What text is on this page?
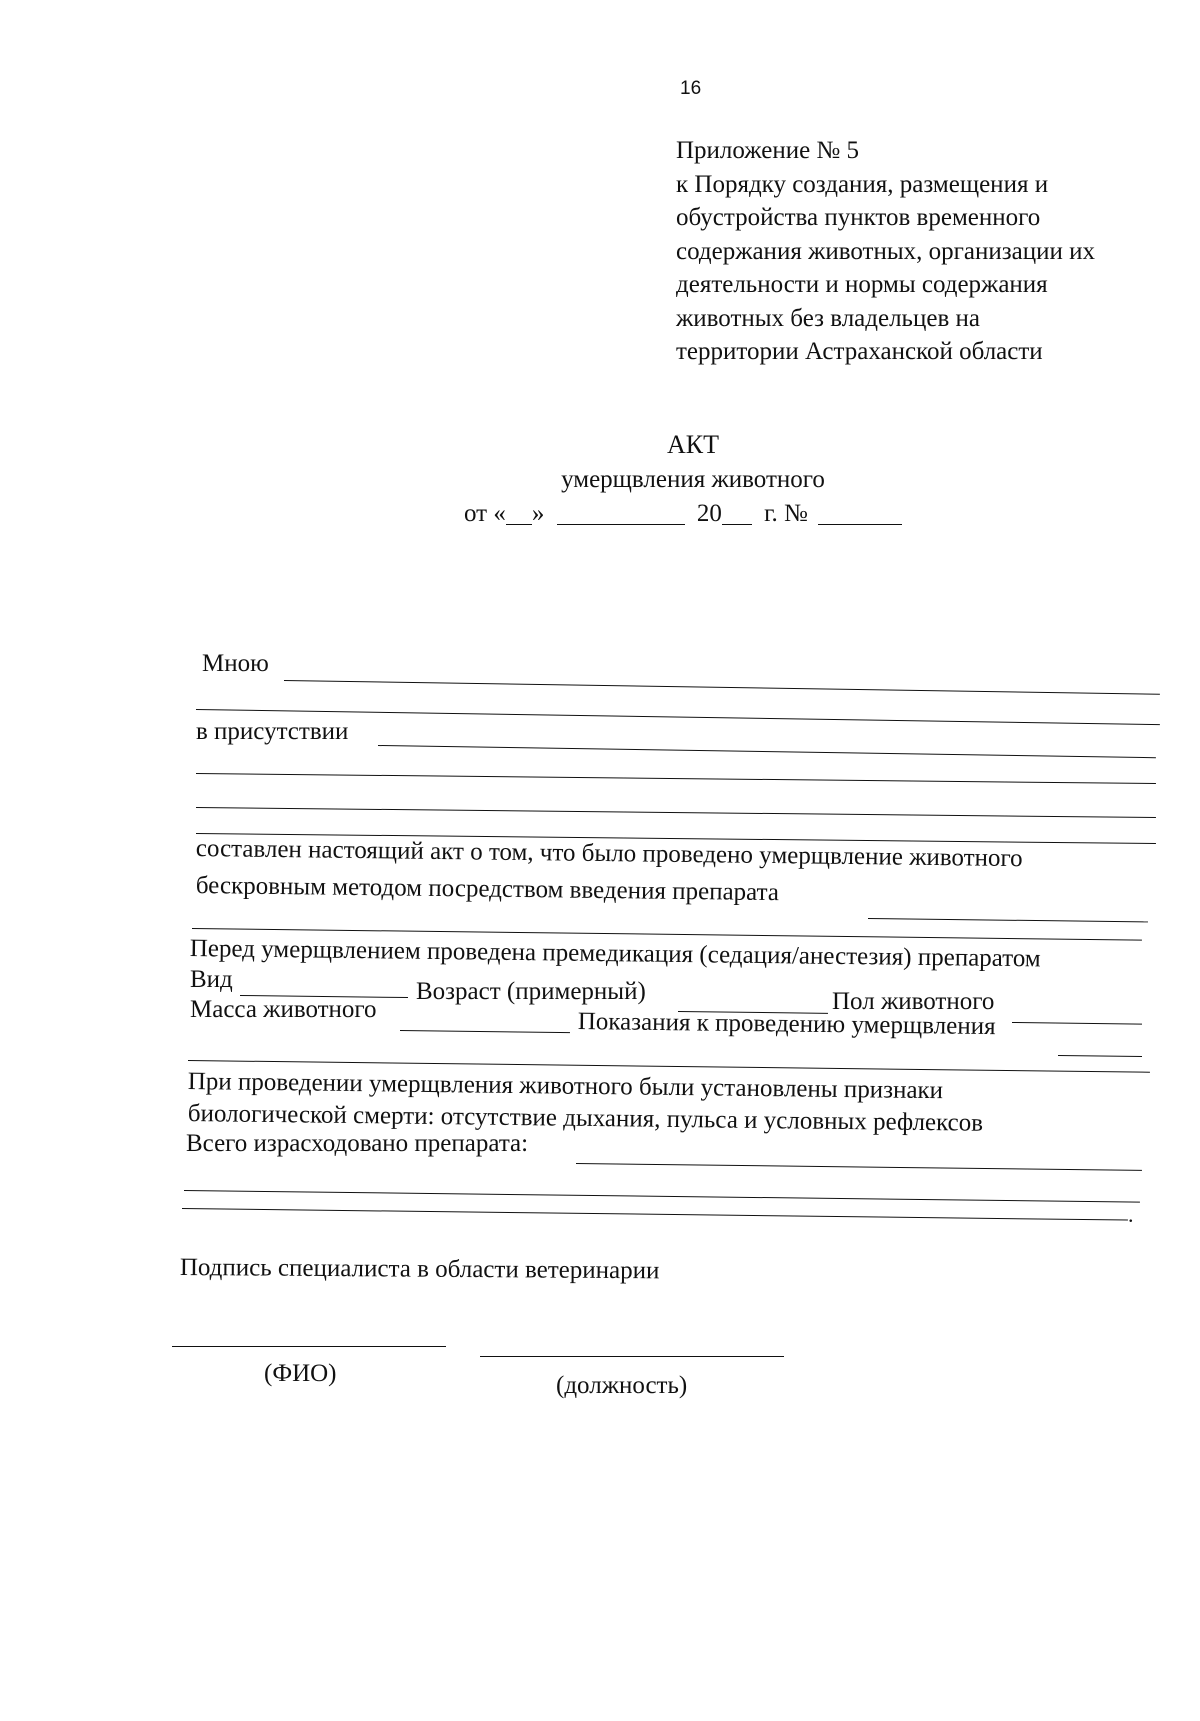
16
Приложение № 5
к Порядку создания, размещения и
обустройства пунктов временного
содержания животных, организации их
деятельности и нормы содержания
животных без владельцев на
территории Астраханской области
АКТ
умерщвления животного
от « »	20 г. №
Мною
в присутствии
составлен настоящий акт о том, что было проведено умерщвление животного
бескровным методом посредством введения препарата
Перед умерщвлением проведена премедикация (седация/анестезия) препаратом
Вид	Возраст (примерный)	Пол животного
Масса животного	Показания к проведению умерщвления
При проведении умерщвления животного были установлены признаки
биологической смерти: отсутствие дыхания, пульса и условных рефлексов
Всего израсходовано препарата:
.
Подпись специалиста в области ветеринарии
(ФИО)	(должность)
